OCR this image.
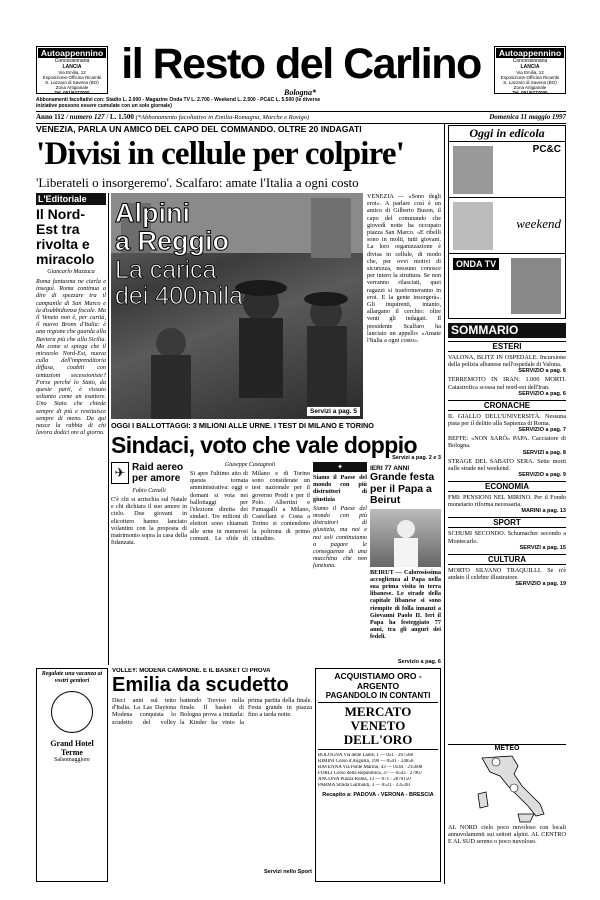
Autoappennino
Concessionaria
LANCIA
Via Emilia, 12
Esposizione-Officina Ricambi
S. Lazzaro di Savena (BO)
Zona Artigianale
Tel. 051/6277000
il Resto del Carlino
Bologna*
Autoappennino
Concessionaria
LANCIA
Via Emilia, 12
Esposizione-Officina Ricambi
S. Lazzaro di Savena (BO)
Zona Artigianale
Tel. 051/6277000
Abbonamenti facoltativi con: Stadio L. 2.000 - Magazine Onda TV L. 2.700 - Weekend L. 2.500 - PC&C L. 5.500 (le diverse iniziative possono essere cumulate con un solo giornale)
Anno 112 / numero 127 / L. 1.500 (*Abbonamento facoltativo in Emilia-Romagna, Marche e Rovigo)	Domenica 11 maggio 1997
VENEZIA, PARLA UN AMICO DEL CAPO DEL COMMANDO. OLTRE 20 INDAGATI
'Divisi in cellule per colpire'
'Liberateli o insorgeremo'. Scalfaro: amate l'Italia a ogni costo
L'Editoriale
Il Nord-Est tra rivolta e miracolo
Giancarlo Mazzuca
Roma fantasma ne ciarla e inseguì. Roma continua a dire di spezzare tra il campanile di San Marco e la disubbidienza fiscale. Ma il Veneto non è, per carità, il nuovo Bronx d'Italia: è una regione che guarda alla Baviera più che alla Sicilia. Ma come si spiega che il miracolo Nord-Est, nuova culla dell'imprenditoria diffusa, coabiti con tentazioni secessioniste? Forse perché lo Stato, da queste parti, è vissuto soltanto come un esattore. Uno Stato che chiede sempre di più e restituisce sempre di meno. Da qui nasce la rabbia di chi lavora dodici ore al giorno.
Alpini
a Reggio
La carica
dei 400mila
Servizi a pag. 5
VENEZIA — «Sono degli eroi». A parlare così è un amico di Gilberto Buson, il capo del commando che giovedì notte ha occupato piazza San Marco. «E ribelli sono in molti, tutti giovani. La loro organizzazione è divisa in cellule, di modo che, per ovvi motivi di sicurezza, nessuno conosce per intero la struttura. Se non verranno rilasciati, quei ragazzi si trasformeranno in eroi. E la gente insorgerà». Gli inquirenti, intanto, allargano il cerchio: oltre venti gli indagati. Il presidente Scalfaro ha lanciato un appello: «Amate l'Italia a ogni costo».
Servizi a pag. 2 e 3
OGGI I BALLOTTAGGI: 3 MILIONI ALLE URNE. I TEST DI MILANO E TORINO
Sindaci, voto che vale doppio
✈ Raid aereo per amore
Fabio Cavalli
C'è chi si arrischia sul Natale e chi dichiara il suo amore in cielo. Due giovani in elicottero hanno lanciato volantini con la proposta di matrimonio sopra la casa della fidanzata.
Giuseppe Castagnoli
Si apre l'ultimo atto di questa tornata amministrativa: oggi e domani si vota nei ballottaggi per l'elezione diretta dei sindaci. Tre milioni di elettori sono chiamati alle urne in numerosi comuni. Le sfide di Milano e di Torino sono considerate un test nazionale per il governo Prodi e per il Polo. Albertini e Fumagalli a Milano, Castellani e Costa a Torino si contendono la poltrona di primo cittadino.
✦
Siamo il Paese del mondo con più distruttori di giustizia
Siamo il Paese del mondo con più distruttori di giustizia, ma noi e noi soli continuiamo a pagare le conseguenze di una macchina che non funziona.
IERI 77 ANNI
Grande festa per il Papa a Beirut
BEIRUT — Calorosissima accoglienza al Papa nella sua prima visita in terra libanese. Le strade della capitale libanese si sono riempite di folla innanzi a Giovanni Paolo II. Ieri il Papa ha festeggiato 77 anni, tra gli auguri dei fedeli.
Servizio a pag. 6
Regalate una vacanza ai
vostri genitori
Grand Hotel Terme
Salsomaggiore
VOLLEY: MODENA CAMPIONE. E IL BASKET CI PROVA
Emilia da scudetto
Dieci anni sul tetto d'Italia. La Las Daytona Modena conquista lo scudetto del volley battendo Treviso nella finale. Il basket di Bologna prova a imitarla: la Kinder ha vinto la prima partita della finale. Festa grande in piazza fino a tarda notte.
Servizi nello Sport
ACQUISTIAMO ORO - ARGENTO
PAGANDOLO IN CONTANTI
MERCATO VENETO DELL'ORO
BOLOGNA Via delle Lame, 1 — 051 · 267568
RIMINI Corso d'Augusto, 190 — 0541 · 24856
RAVENNA Via Ponte Marino, 43 — 0544 · 215608
FORLÌ Corso della Repubblica, 37 — 0543 · 27967
ANCONA Piazza Roma, 13 — 071 · 2070150
PARMA Strada Garibaldi, 3 — 0521 · 235361
Recapito a: PADOVA - VERONA - BRESCIA
Oggi in edicola
PC&C
weekend
ONDA TV
SOMMARIO
ESTERI
VALONA, BLITZ IN OSPEDALE. Incursione della polizia albanese nell'ospedale di Valona.
SERVIZIO a pag. 6
TERREMOTO IN IRAN: 1.000 MORTI. Catastrofica scossa nel nord-est dell'Iran.
SERVIZIO a pag. 6
CRONACHE
IL GIALLO DELL'UNIVERSITÀ. Nessuna pista per il delitto alla Sapienza di Roma.
SERVIZIO a pag. 7
BEFFE: «NON SARÒ» PAPA. Cacciatore di Bologna.
SERVIZI a pag. 8
STRAGE DEL SABATO SERA. Sette morti sulle strade nel weekend.
SERVIZIO a pag. 9
ECONOMIA
FMI: PENSIONI NEL MIRINO. Per il Fondo monetario riforma necessaria.
MARINI a pag. 13
SPORT
SCHUMI SECONDO. Schumacher secondo a Montecarlo.
SERVIZI a pag. 15
CULTURA
MORTO SILVANO TRAQUILLI. Se n'è andato il celebre illustratore.
SERVIZIO a pag. 19
METEO
AL NORD cielo poco nuvoloso con locali annuvolamenti sui settori alpini. AL CENTRO E AL SUD sereno o poco nuvoloso.
